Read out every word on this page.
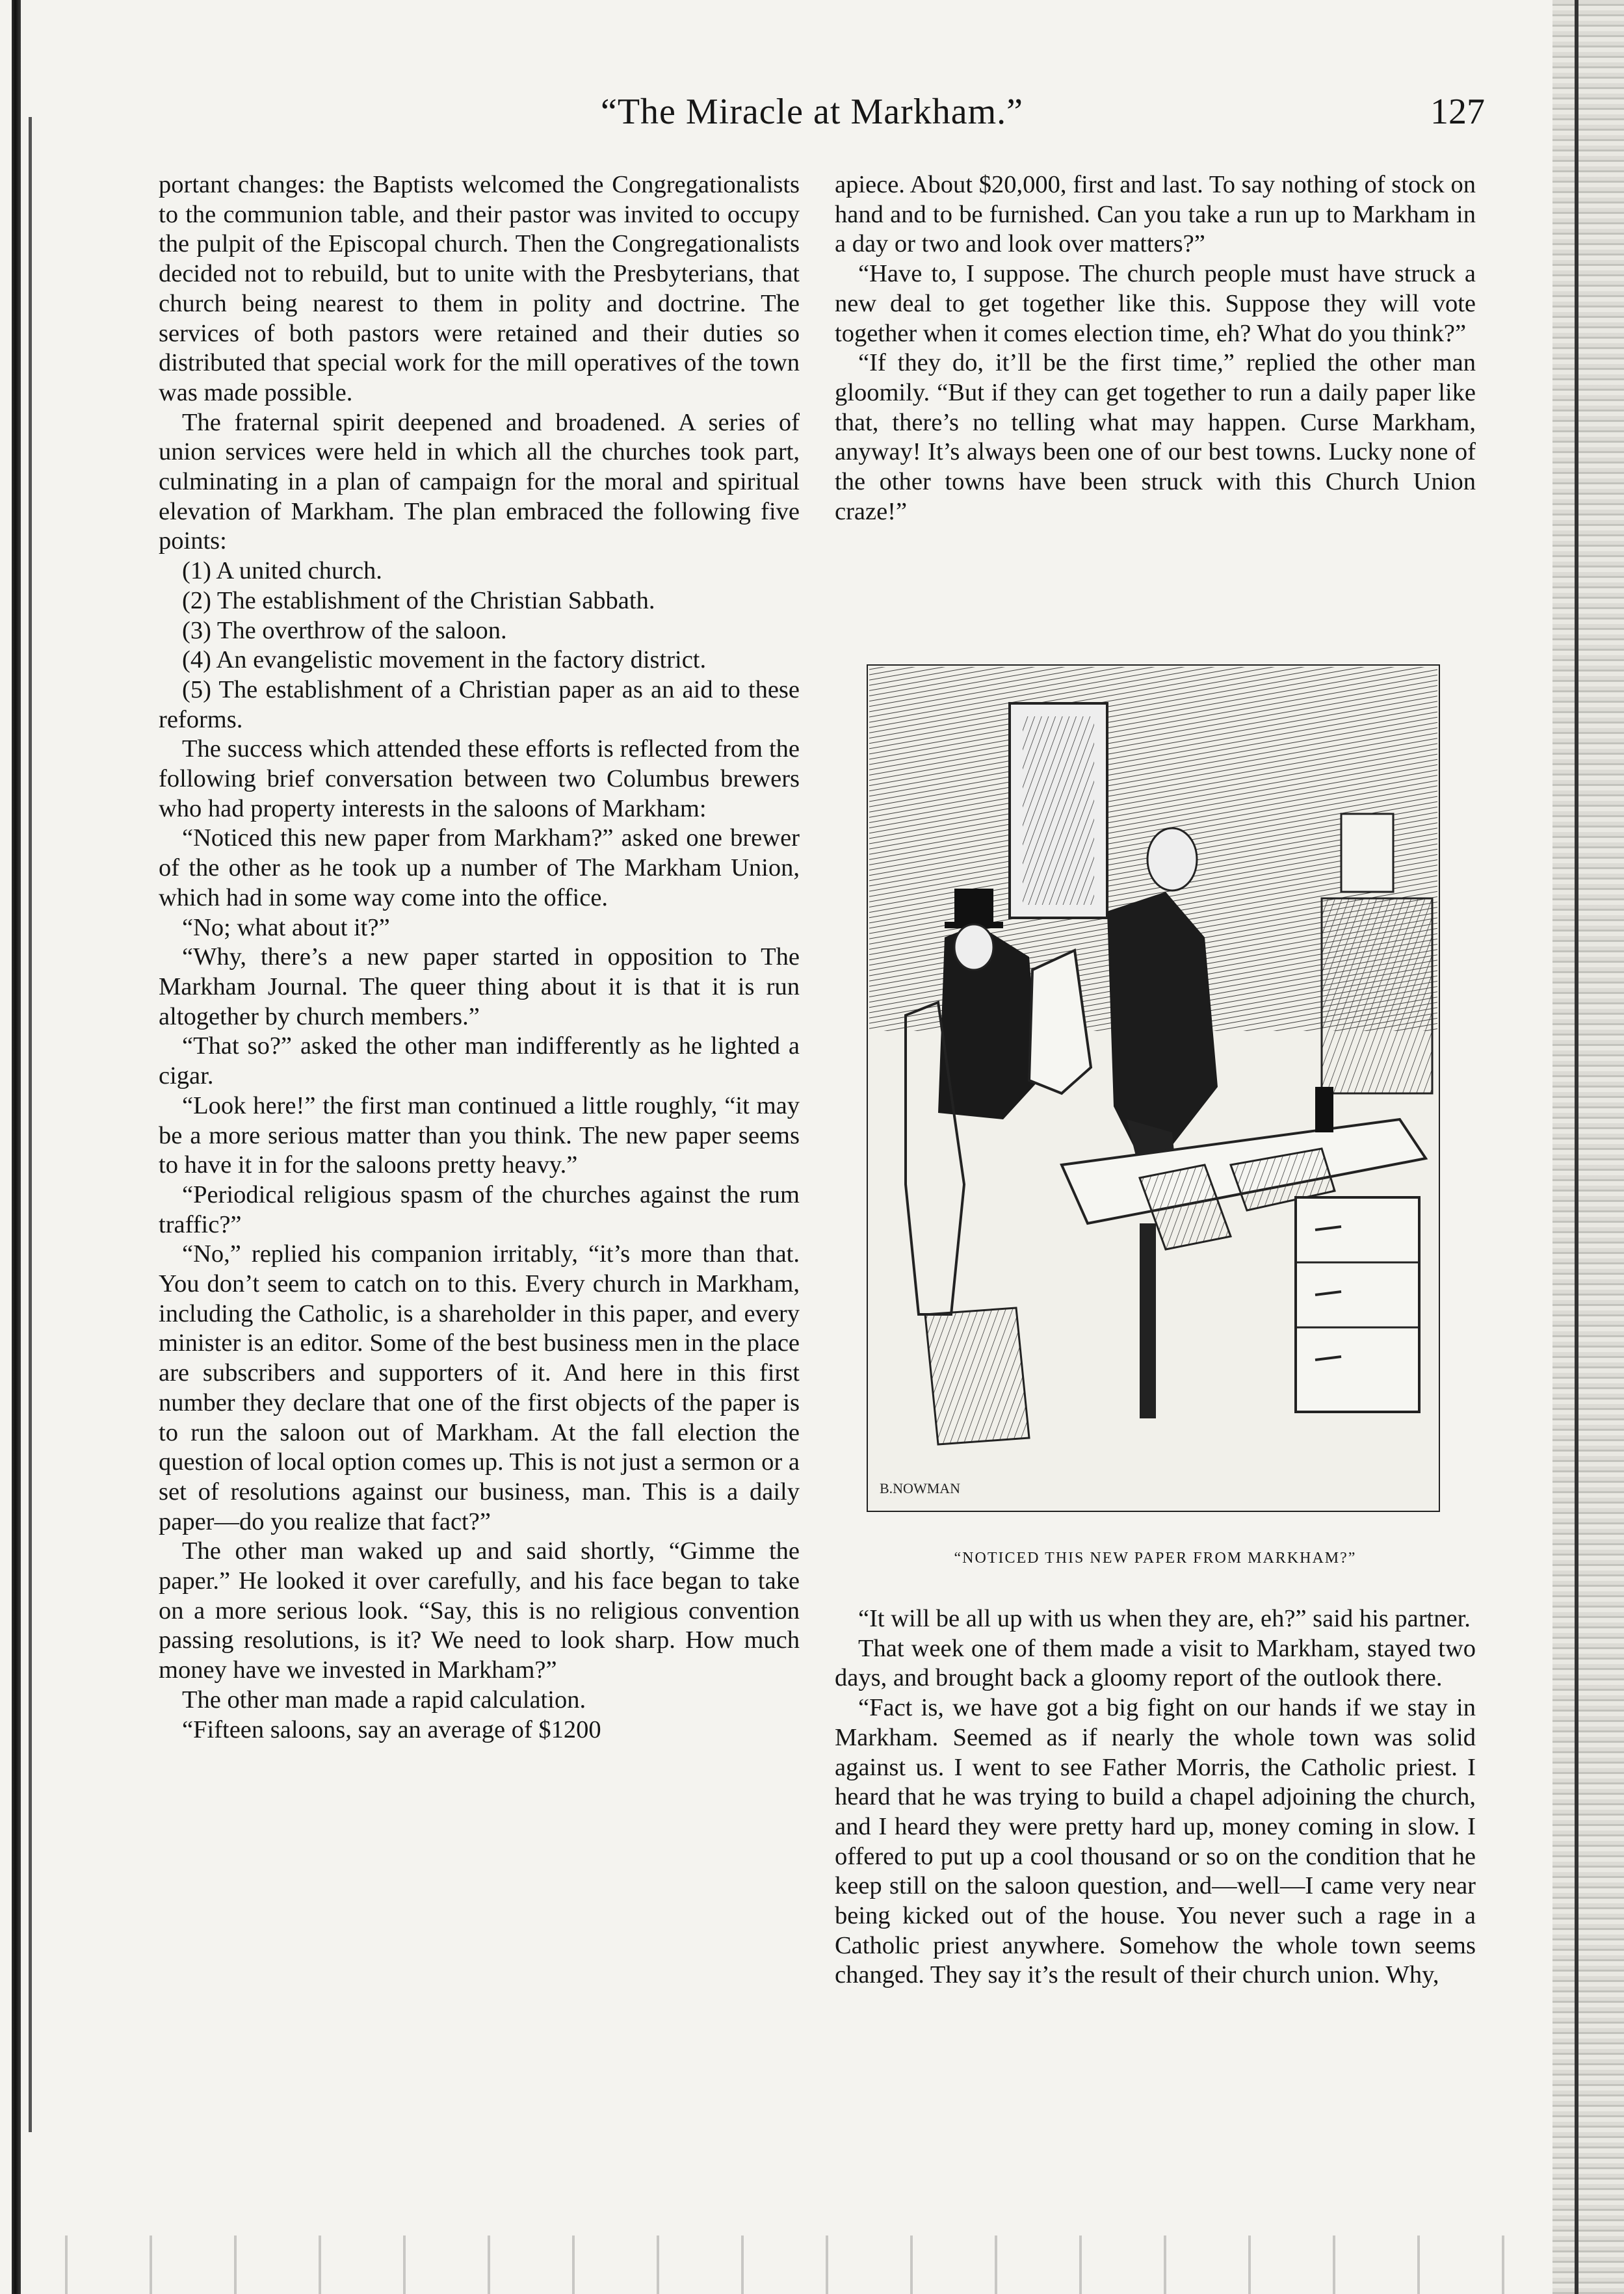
“The Miracle at Markham.”	127

portant changes: the Baptists welcomed the Congregationalists to the communion table, and their pastor was invited to occupy the pulpit of the Episcopal church. Then the Congregationalists decided not to rebuild, but to unite with the Presbyterians, that church being nearest to them in polity and doctrine. The services of both pastors were retained and their duties so distributed that special work for the mill operatives of the town was made possible.

The fraternal spirit deepened and broadened. A series of union services were held in which all the churches took part, culminating in a plan of campaign for the moral and spiritual elevation of Markham. The plan embraced the following five points:

(1) A united church.

(2) The establishment of the Christian Sabbath.

(3) The overthrow of the saloon.

(4) An evangelistic movement in the factory district.

(5) The establishment of a Christian paper as an aid to these reforms.

The success which attended these efforts is reflected from the following brief conversation between two Columbus brewers who had property interests in the saloons of Markham:

“Noticed this new paper from Markham?” asked one brewer of the other as he took up a number of The Markham Union, which had in some way come into the office.

“No; what about it?”

“Why, there’s a new paper started in opposition to The Markham Journal. The queer thing about it is that it is run altogether by church members.”

“That so?” asked the other man indifferently as he lighted a cigar.

“Look here!” the first man continued a little roughly, “it may be a more serious matter than you think. The new paper seems to have it in for the saloons pretty heavy.”

“Periodical religious spasm of the churches against the rum traffic?”

“No,” replied his companion irritably, “it’s more than that. You don’t seem to catch on to this. Every church in Markham, including the Catholic, is a shareholder in this paper, and every minister is an editor. Some of the best business men in the place are subscribers and supporters of it. And here in this first number they declare that one of the first objects of the paper is to run the saloon out of Markham. At the fall election the question of local option comes up. This is not just a sermon or a set of resolutions against our business, man. This is a daily paper—do you realize that fact?”

The other man waked up and said shortly, “Gimme the paper.” He looked it over carefully, and his face began to take on a more serious look. “Say, this is no religious convention passing resolutions, is it? We need to look sharp. How much money have we invested in Markham?”

The other man made a rapid calculation.

“Fifteen saloons, say an average of $1200

apiece. About $20,000, first and last. To say nothing of stock on hand and to be furnished. Can you take a run up to Markham in a day or two and look over matters?”

“Have to, I suppose. The church people must have struck a new deal to get together like this. Suppose they will vote together when it comes election time, eh? What do you think?”

“If they do, it’ll be the first time,” replied the other man gloomily. “But if they can get together to run a daily paper like that, there’s no telling what may happen. Curse Markham, anyway! It’s always been one of our best towns. Lucky none of the other towns have been struck with this Church Union craze!”

B.NOWMAN
“NOTICED THIS NEW PAPER FROM MARKHAM?”

“It will be all up with us when they are, eh?” said his partner.

That week one of them made a visit to Markham, stayed two days, and brought back a gloomy report of the outlook there.

“Fact is, we have got a big fight on our hands if we stay in Markham. Seemed as if nearly the whole town was solid against us. I went to see Father Morris, the Catholic priest. I heard that he was trying to build a chapel adjoining the church, and I heard they were pretty hard up, money coming in slow. I offered to put up a cool thousand or so on the condition that he keep still on the saloon question, and—well—I came very near being kicked out of the house. You never such a rage in a Catholic priest anywhere. Somehow the whole town seems changed. They say it’s the result of their church union. Why,
